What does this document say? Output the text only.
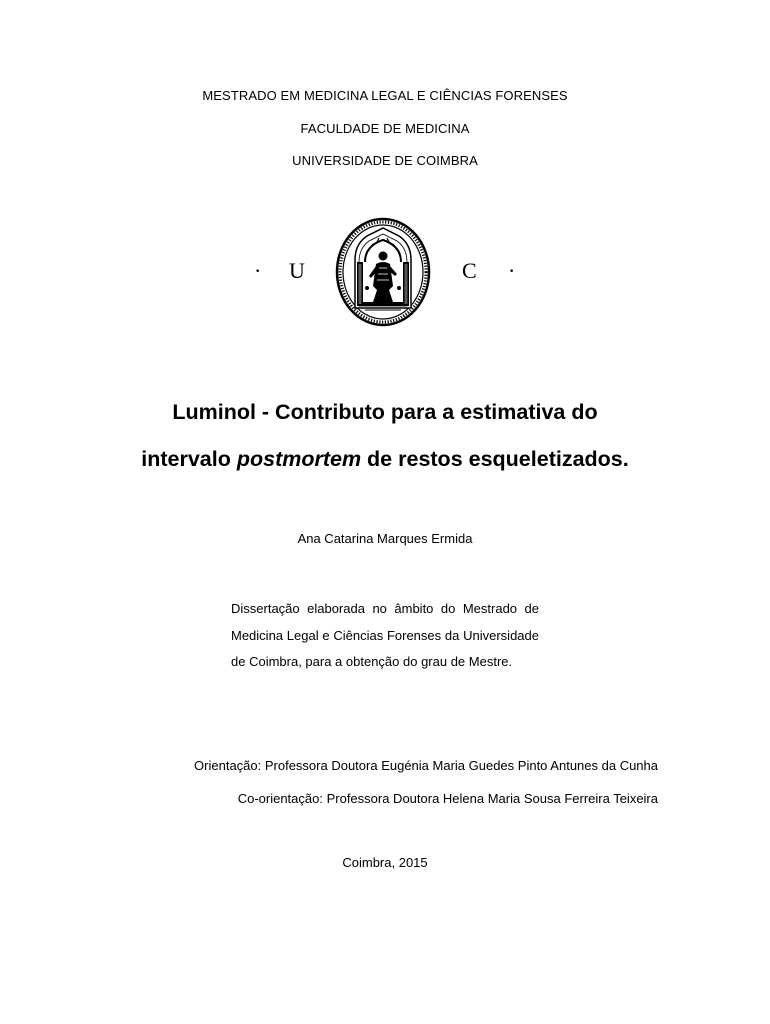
MESTRADO EM MEDICINA LEGAL E CIÊNCIAS FORENSES
FACULDADE DE MEDICINA
UNIVERSIDADE DE COIMBRA
· U	C ·
Luminol - Contributo para a estimativa do
intervalo postmortem de restos esqueletizados.
Ana Catarina Marques Ermida
Dissertação elaborada no âmbito do Mestrado de Medicina Legal e Ciências Forenses da Universidade de Coimbra, para a obtenção do grau de Mestre.
Orientação: Professora Doutora Eugénia Maria Guedes Pinto Antunes da Cunha
Co-orientação: Professora Doutora Helena Maria Sousa Ferreira Teixeira
Coimbra, 2015
